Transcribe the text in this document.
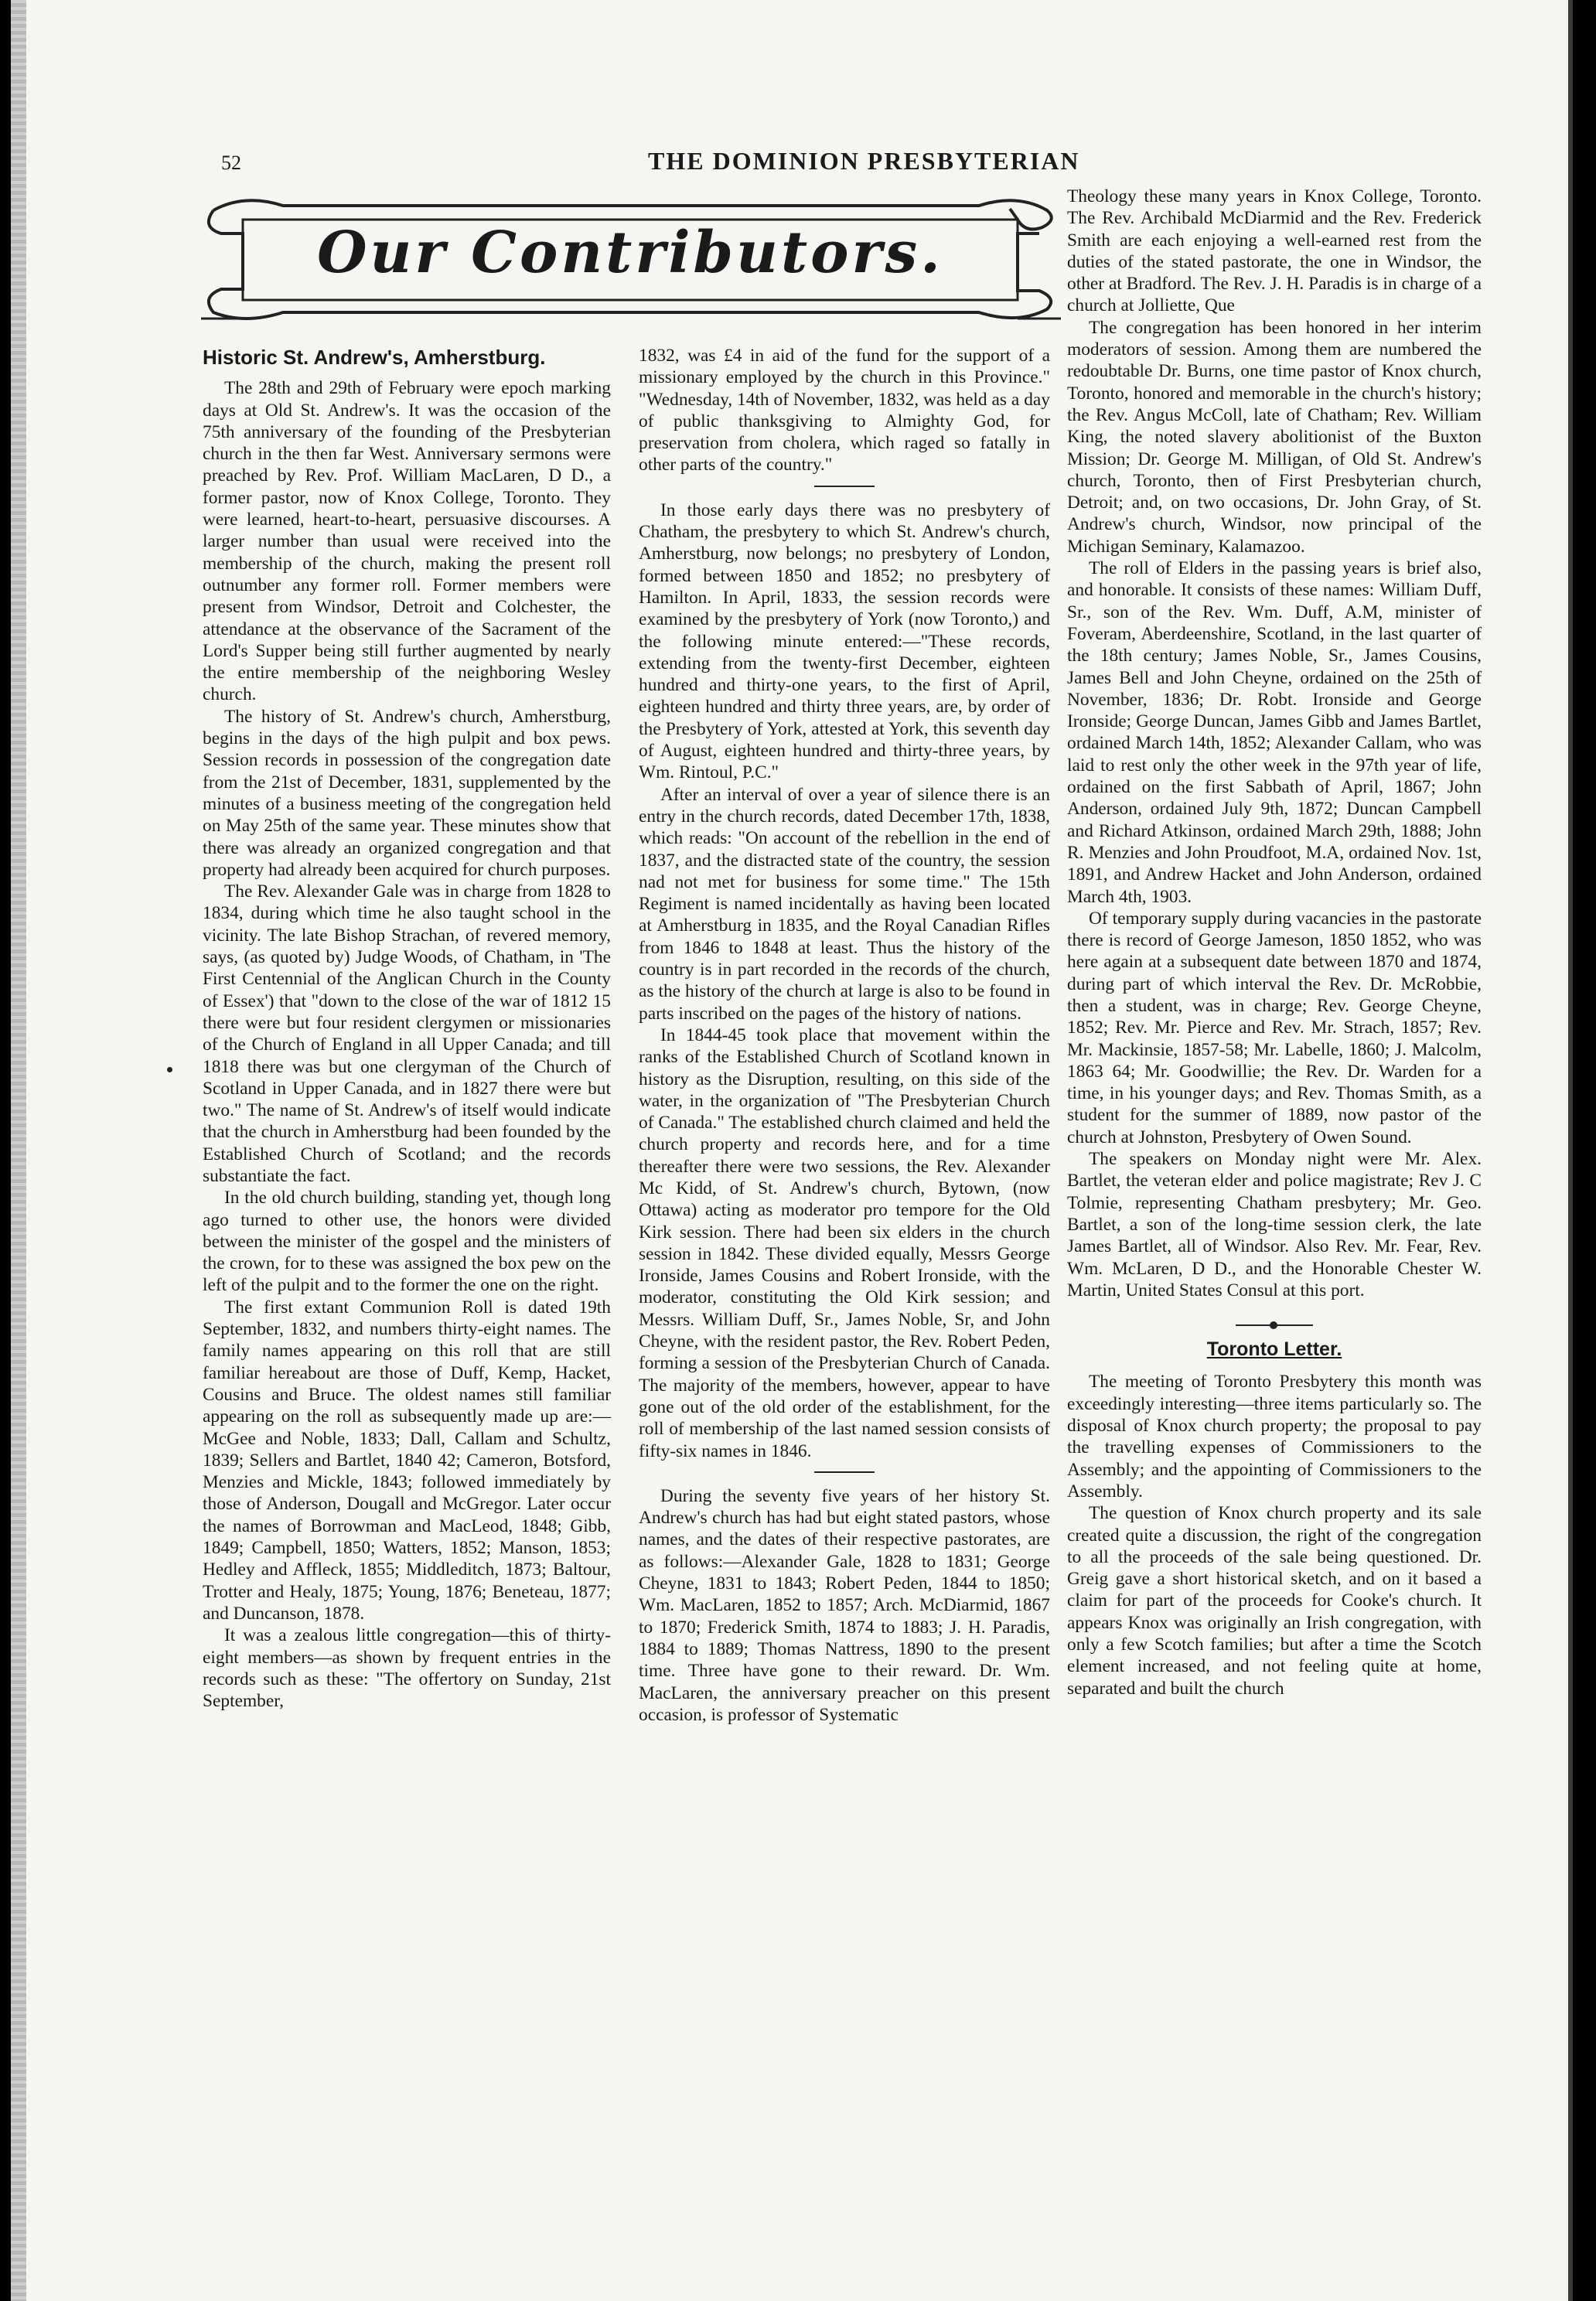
52	THE DOMINION PRESBYTERIAN
Our Contributors.
Historic St. Andrew's, Amherstburg.

The 28th and 29th of February were epoch marking days at Old St. Andrew's. It was the occasion of the 75th anniversary of the founding of the Presbyterian church in the then far West. Anniversary sermons were preached by Rev. Prof. William MacLaren, D D., a former pastor, now of Knox College, Toronto. They were learned, heart-to-heart, persuasive discourses. A larger number than usual were received into the membership of the church, making the present roll outnumber any former roll. Former members were present from Windsor, Detroit and Colchester, the attendance at the observance of the Sacrament of the Lord's Supper being still further augmented by nearly the entire membership of the neighboring Wesley church.

The history of St. Andrew's church, Amherstburg, begins in the days of the high pulpit and box pews. Session records in possession of the congregation date from the 21st of December, 1831, supplemented by the minutes of a business meeting of the congregation held on May 25th of the same year. These minutes show that there was already an organized congregation and that property had already been acquired for church purposes.

The Rev. Alexander Gale was in charge from 1828 to 1834, during which time he also taught school in the vicinity. The late Bishop Strachan, of revered memory, says, (as quoted by) Judge Woods, of Chatham, in 'The First Centennial of the Anglican Church in the County of Essex') that "down to the close of the war of 1812 15 there were but four resident clergymen or missionaries of the Church of England in all Upper Canada; and till 1818 there was but one clergyman of the Church of Scotland in Upper Canada, and in 1827 there were but two." The name of St. Andrew's of itself would indicate that the church in Amherstburg had been founded by the Established Church of Scotland; and the records substantiate the fact.

In the old church building, standing yet, though long ago turned to other use, the honors were divided between the minister of the gospel and the ministers of the crown, for to these was assigned the box pew on the left of the pulpit and to the former the one on the right.

The first extant Communion Roll is dated 19th September, 1832, and numbers thirty-eight names. The family names appearing on this roll that are still familiar hereabout are those of Duff, Kemp, Hacket, Cousins and Bruce. The oldest names still familiar appearing on the roll as subsequently made up are:—McGee and Noble, 1833; Dall, Callam and Schultz, 1839; Sellers and Bartlet, 1840 42; Cameron, Botsford, Menzies and Mickle, 1843; followed immediately by those of Anderson, Dougall and McGregor. Later occur the names of Borrowman and MacLeod, 1848; Gibb, 1849; Campbell, 1850; Watters, 1852; Manson, 1853; Hedley and Affleck, 1855; Middleditch, 1873; Baltour, Trotter and Healy, 1875; Young, 1876; Beneteau, 1877; and Duncanson, 1878.

It was a zealous little congregation—this of thirty-eight members—as shown by frequent entries in the records such as these: "The offertory on Sunday, 21st September,

1832, was £4 in aid of the fund for the support of a missionary employed by the church in this Province." "Wednesday, 14th of November, 1832, was held as a day of public thanksgiving to Almighty God, for preservation from cholera, which raged so fatally in other parts of the country."

In those early days there was no presbytery of Chatham, the presbytery to which St. Andrew's church, Amherstburg, now belongs; no presbytery of London, formed between 1850 and 1852; no presbytery of Hamilton. In April, 1833, the session records were examined by the presbytery of York (now Toronto,) and the following minute entered:—"These records, extending from the twenty-first December, eighteen hundred and thirty-one years, to the first of April, eighteen hundred and thirty three years, are, by order of the Presbytery of York, attested at York, this seventh day of August, eighteen hundred and thirty-three years, by Wm. Rintoul, P.C."

After an interval of over a year of silence there is an entry in the church records, dated December 17th, 1838, which reads: "On account of the rebellion in the end of 1837, and the distracted state of the country, the session nad not met for business for some time." The 15th Regiment is named incidentally as having been located at Amherstburg in 1835, and the Royal Canadian Rifles from 1846 to 1848 at least. Thus the history of the country is in part recorded in the records of the church, as the history of the church at large is also to be found in parts inscribed on the pages of the history of nations.

In 1844-45 took place that movement within the ranks of the Established Church of Scotland known in history as the Disruption, resulting, on this side of the water, in the organization of "The Presbyterian Church of Canada." The established church claimed and held the church property and records here, and for a time thereafter there were two sessions, the Rev. Alexander Mc Kidd, of St. Andrew's church, Bytown, (now Ottawa) acting as moderator pro tempore for the Old Kirk session. There had been six elders in the church session in 1842. These divided equally, Messrs George Ironside, James Cousins and Robert Ironside, with the moderator, constituting the Old Kirk session; and Messrs. William Duff, Sr., James Noble, Sr, and John Cheyne, with the resident pastor, the Rev. Robert Peden, forming a session of the Presbyterian Church of Canada. The majority of the members, however, appear to have gone out of the old order of the establishment, for the roll of membership of the last named session consists of fifty-six names in 1846.

During the seventy five years of her history St. Andrew's church has had but eight stated pastors, whose names, and the dates of their respective pastorates, are as follows:—Alexander Gale, 1828 to 1831; George Cheyne, 1831 to 1843; Robert Peden, 1844 to 1850; Wm. MacLaren, 1852 to 1857; Arch. McDiarmid, 1867 to 1870; Frederick Smith, 1874 to 1883; J. H. Paradis, 1884 to 1889; Thomas Nattress, 1890 to the present time. Three have gone to their reward. Dr. Wm. MacLaren, the anniversary preacher on this present occasion, is professor of Systematic

Theology these many years in Knox College, Toronto. The Rev. Archibald McDiarmid and the Rev. Frederick Smith are each enjoying a well-earned rest from the duties of the stated pastorate, the one in Windsor, the other at Bradford. The Rev. J. H. Paradis is in charge of a church at Jolliette, Que

The congregation has been honored in her interim moderators of session. Among them are numbered the redoubtable Dr. Burns, one time pastor of Knox church, Toronto, honored and memorable in the church's history; the Rev. Angus McColl, late of Chatham; Rev. William King, the noted slavery abolitionist of the Buxton Mission; Dr. George M. Milligan, of Old St. Andrew's church, Toronto, then of First Presbyterian church, Detroit; and, on two occasions, Dr. John Gray, of St. Andrew's church, Windsor, now principal of the Michigan Seminary, Kalamazoo.

The roll of Elders in the passing years is brief also, and honorable. It consists of these names: William Duff, Sr., son of the Rev. Wm. Duff, A.M, minister of Foveram, Aberdeenshire, Scotland, in the last quarter of the 18th century; James Noble, Sr., James Cousins, James Bell and John Cheyne, ordained on the 25th of November, 1836; Dr. Robt. Ironside and George Ironside; George Duncan, James Gibb and James Bartlet, ordained March 14th, 1852; Alexander Callam, who was laid to rest only the other week in the 97th year of life, ordained on the first Sabbath of April, 1867; John Anderson, ordained July 9th, 1872; Duncan Campbell and Richard Atkinson, ordained March 29th, 1888; John R. Menzies and John Proudfoot, M.A, ordained Nov. 1st, 1891, and Andrew Hacket and John Anderson, ordained March 4th, 1903.

Of temporary supply during vacancies in the pastorate there is record of George Jameson, 1850 1852, who was here again at a subsequent date between 1870 and 1874, during part of which interval the Rev. Dr. McRobbie, then a student, was in charge; Rev. George Cheyne, 1852; Rev. Mr. Pierce and Rev. Mr. Strach, 1857; Rev. Mr. Mackinsie, 1857-58; Mr. Labelle, 1860; J. Malcolm, 1863 64; Mr. Goodwillie; the Rev. Dr. Warden for a time, in his younger days; and Rev. Thomas Smith, as a student for the summer of 1889, now pastor of the church at Johnston, Presbytery of Owen Sound.

The speakers on Monday night were Mr. Alex. Bartlet, the veteran elder and police magistrate; Rev J. C Tolmie, representing Chatham presbytery; Mr. Geo. Bartlet, a son of the long-time session clerk, the late James Bartlet, all of Windsor. Also Rev. Mr. Fear, Rev. Wm. McLaren, D D., and the Honorable Chester W. Martin, United States Consul at this port.

Toronto Letter.

The meeting of Toronto Presbytery this month was exceedingly interesting—three items particularly so. The disposal of Knox church property; the proposal to pay the travelling expenses of Commissioners to the Assembly; and the appointing of Commissioners to the Assembly.

The question of Knox church property and its sale created quite a discussion, the right of the congregation to all the proceeds of the sale being questioned. Dr. Greig gave a short historical sketch, and on it based a claim for part of the proceeds for Cooke's church. It appears Knox was originally an Irish congregation, with only a few Scotch families; but after a time the Scotch element increased, and not feeling quite at home, separated and built the church
